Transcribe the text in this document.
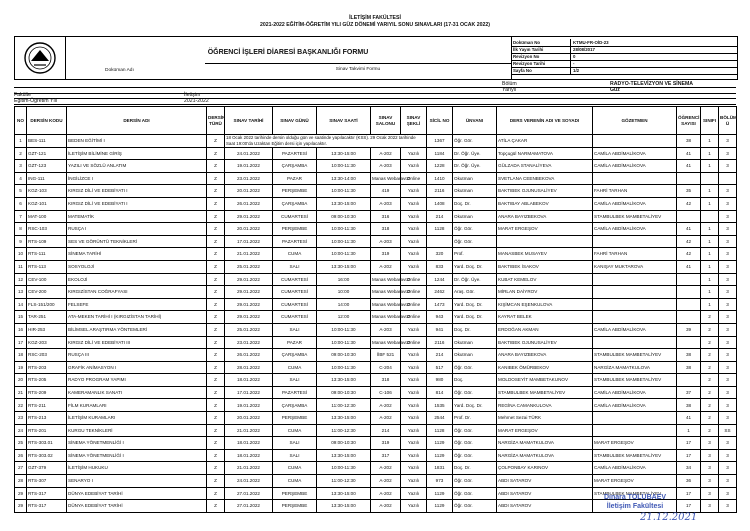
İLETİŞİM FAKÜLTESİ
2021-2022 EĞİTİM-ÖĞRETİM YILI GÜZ DÖNEMİ YARIYIL SONU SINAVLARI (17-31 OCAK 2022)
ÖĞRENCİ İŞLERİ DİARESİ BAŞKANLIĞI FORMU
Doküman Adı	Sinav Takvimi Formu
Doküman No	KTMU-FR-OİD-23
İlk Yayın Tarihi	28/08/2017
Revizyon No	0
Revizyon Tarihi	-
Sayfa No	1/2
Bölüm	RADYO-TELEVİZYON VE SİNEMA
Yarıyıl	Güz
Fakülte	İletişim
Eğitim-Öğretim Yılı	2021-2022
NO	DERSİN KODU	DERSİN ADI	DERSİN TÜRÜ	SINAV TARİHİ	SINAV GÜNÜ	SINAV SAATİ	SINAV SALONU	SINAV ŞEKLİ	SİCİL NO	ÜNVANI	DERS VERENİN ADI VE SOYADI	GÖZETMEN	ÖĞRENCİ SAYISI	SINIFI	BÖLÜM Ü
1	BES-111	BEDEN EĞİTİMİ I	Z	18 Ocak 2022 tarihinde dersin olduğu gün ve saatinde yapılacaktır (KSS). 29 Ocak 2022 tarihinde Saat 19:00'da Uzaktan Eğitim dersi için yapılacaktır.					1367	Öğr. Gör.	ATİLA ÇAKAR		38	1	3
2	GZT-121	İLETİŞİM BİLİMİNE GİRİŞ	Z	24.01.2022	PAZARTESİ	13:30-15:00	A-202	Yazılı	1184	Dr. Öğr. Üye.	Topçugül NARMAMATOVA	CAMİLA ABDİMALİKOVA	41	1	3
3	GZT-123	YAZILI VE SÖZLÜ ANLATIM	Z	19.01.2022	ÇARŞAMBA	10:00-11:30	A-203	Yazılı	1228	Dr. Öğr. Üye.	GÜLZADA STANALİYEVA	CAMİLA ABDİMALİKOVA	41	1	3
4	ING-111	İNGİLİZCE I	Z	23.01.2022	PAZAR	13:30-14:00	Manas Webaravüz	Online	1410	Okutman	SVETLANA CEENBEKOVA				
5	KGZ-103	KIRGIZ DİLİ VE EDEBİYATI I	Z	20.01.2022	PERŞEMBE	10:00-11:30	419	Yazılı	2116	Okutman	BAKTIBEK OJUNUSALİYEV	FAHRİ TARHAN	35	1	3
6	KGZ-101	KIRGIZ DİLİ VE EDEBİYATI I	Z	26.01.2022	ÇARŞAMBA	13:30-15:00	A-203	Yazılı	1408	Doç. Dr.	BAKTIBAY ABLABEKOV	CAMİLA ABDİMALİKOVA	42	1	3
7	MAT-100	MATEMATİK	Z	29.01.2022	CUMARTESİ	09:00-10:30	316	Yazılı	214	Okutman	ANARA BAYIZBEKOVA	STAMBULBEK MAMBETALİYEV			3
8	RSC-103	RUSÇA I	Z	20.01.2022	PERŞEMBE	10:00-11:30	318	Yazılı	1128	Öğr. Gör.	MARAT ERGEŞOV	CAMİLA ABDİMALİKOVA	41	1	3
9	RTS-109	SES VE GÖRÜNTÜ TEKNİKLERİ	Z	17.01.2022	PAZARTESİ	10:00-11:30	A-203	Yazılı		Öğr. Gör.			42	1	3
10	RTS-111	SİNEMA TARİHİ	Z	21.01.2022	CUMA	10:00-11:30	319	Yazılı	320	Prof.	MANASBEK MUSAYEV	FAHRİ TARHAN	42	1	3
11	RTS-113	SOSYOLOJİ	Z	25.01.2022	SALI	13:30-15:00	A-202	Yazılı	833	Yard. Doç. Dr.	BAKTIBEK İSAKOV	KANIŞAY MUKTAROVA	41	1	3
12	CEV-100	EKOLOJİ	Z	29.01.2022	CUMARTESİ	16:00	Manas Webaravüz	Online	1244	Dr. Öğr. Üye.	KUBAT KEMELOV			1	3
13	CEV-200	KIRGIZİSTAN COĞRAFYASI	Z	29.01.2022	CUMARTESİ	10:00	Manas Webaravüz	Online	2462	Araş. Gör.	MİRLAN DAİYROV			1	3
14	FLS-151/200	FELSEFE	Z	29.01.2022	CUMARTESİ	14:00	Manas Webaravüz	Online	1473	Yard. Doç. Dr.	KIŞİMCAN EŞENKULOVA			1	3
15	TAR-251	ATA-MEKEN TARİHİ I (KIRGIZİSTAN TARİHİ)	Z	29.01.2022	CUMARTESİ	12:00	Manas Webaravüz	Online	943	Yard. Doç. Dr.	KAYRAT BELEK			2	3
16	HIR-253	BİLİMSEL ARAŞTIRMA YÖNTEMLERİ	Z	25.01.2022	SALI	10:00-11:30	A-203	Yazılı	941	Doç. Dr.	ERDOĞAN AKMAN	CAMİLA ABDİMALİKOVA	39	2	3
17	KGZ-203	KIRGIZ DİLİ VE EDEBİYATI III	Z	23.01.2022	PAZAR	10:00-11:30	Manas Webaravüz	Online	2116	Okutman	BAKTIBEK OJUNUSALİYEV			2	3
18	RSC-203	RUSÇA III	Z	26.01.2022	ÇARŞAMBA	09:00-10:30	İİBF 521	Yazılı	214	Okutman	ANARA BAYIZBEKOVA	STAMBULBEK MAMBETALİYEV	38	2	3
19	RTS-203	GRAFİK ANİMASYON I	Z	28.01.2022	CUMA	10:00-11:30	C-204	Yazılı	517	Öğr. Gör.	KANIBEK ÖMÜRBEKOV	NARGİZA MAMATKULOVA	38	2	3
20	RTS-205	RADYO PROGRAM YAPIMI	Z	18.01.2022	SALI	13:30-15:00	318	Yazılı	980	Doç.	MOLDOSEYİT MAMBETAKUNOV	STAMBULBEK MAMBETALİYEV		2	3
21	RTS-209	KAMERAMANLIK SANATI	Z	17.01.2022	PAZARTESİ	09:00-10:30	C-106	Yazılı	814	Öğr. Gör.	STAMBULBEK MAMBETALİYEV	CAMİLA ABDİMALİKOVA	37	2	3
22	RTS-211	FİLM KURAMLARI	Z	19.01.2022	ÇARŞAMBA	11:00-12:30	A-202	Yazılı	1535	Yard. Doç. Dr.	REGİNA CAMANKULOVA	CAMİLA ABDİMALİKOVA	38	2	3
23	RTS-213	İLETİŞİM KURAMLARI	Z	20.01.2022	PERŞEMBE	13:30-15:00	A-202	Yazılı	2544	Prof. Dr.	Mehmet Sezai TÜRK		41	2	3
24	RTS-201	KURGU TEKNİKLERİ	Z	21.01.2022	CUMA	11:00-12:30	214	Yazılı	1128	Öğr. Gör.	MARAT ERGEŞOV		1	2	SS
25	RTS-303.01	SİNEMA YÖNETMENLİĞİ I	Z	18.01.2022	SALI	09:00-10:30	319	Yazılı	1129	Öğr. Gör.	NARGİZA MAMATKULOVA	MARAT ERGEŞOV	17	3	3
26	RTS-303.02	SİNEMA YÖNETMENLİĞİ I	Z	18.01.2022	SALI	13:30-15:00	317	Yazılı	1129	Öğr. Gör.	NARGİZA MAMATKULOVA	STAMBULBEK MAMBETALİYEV	17	3	3
27	GZT-379	İLETİŞİM HUKUKU	Z	21.01.2022	CUMA	10:00-11:30	A-202	Yazılı	1831	Doç. Dr.	ÇOLPONBAY KARINOV	CAMİLA ABDİMALİKOVA	34	3	3
28	RTS-307	SENARYO I	Z	24.01.2022	CUMA	11:00-12:30	A-202	Yazılı	973	Öğr. Gör.	ABDI SATAROV	MARAT ERGEŞOV	36	3	3
29	RTS-317	DÜNYA EDEBİYAT TARİHİ	Z	27.01.2022	PERŞEMBE	13:30-15:00	A-202	Yazılı	1129	Öğr. Gör.	ABDI SATAROV	STAMBULBEK MAMBETALİYEV	17	3	3
29	RTS-317	DÜNYA EDEBİYAT TARİHİ	Z	27.01.2022	PERŞEMBE	13:30-15:00	A-202	Yazılı	1129	Öğr. Gör.	ABDI SATAROV		17	3	3
Dinara TOLUBAEV
İletişim Fakültesi
21.12.2021
